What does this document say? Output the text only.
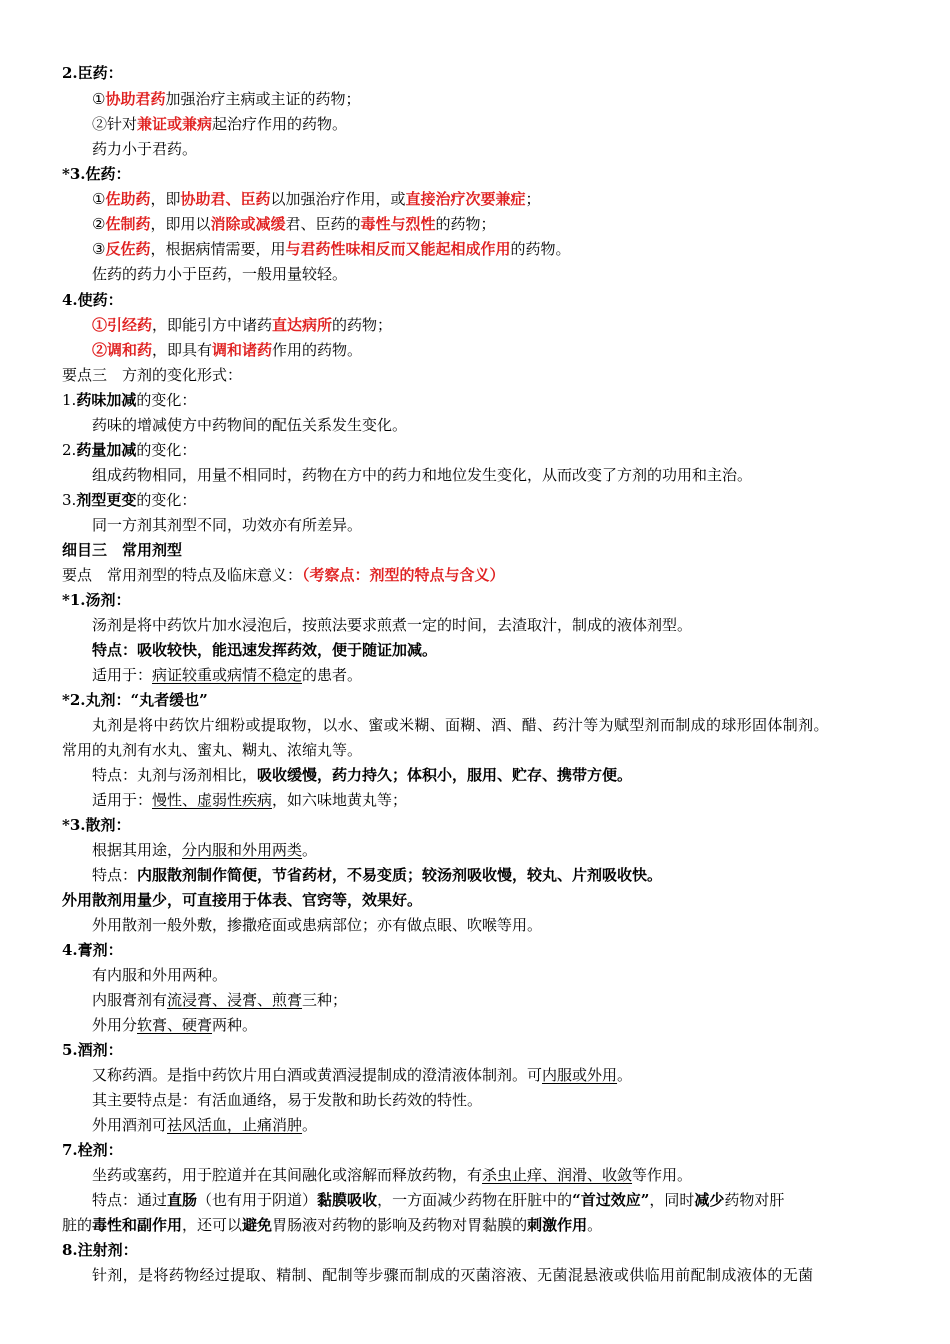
2.臣药：
①协助君药加强治疗主病或主证的药物；
②针对兼证或兼病起治疗作用的药物。
药力小于君药。
*3.佐药：
①佐助药，即协助君、臣药以加强治疗作用，或直接治疗次要兼症；
②佐制药，即用以消除或减缓君、臣药的毒性与烈性的药物；
③反佐药，根据病情需要，用与君药性味相反而又能起相成作用的药物。
佐药的药力小于臣药，一般用量较轻。
4.使药：
①引经药，即能引方中诸药直达病所的药物；
②调和药，即具有调和诸药作用的药物。
要点三　方剂的变化形式：
1.药味加减的变化：
药味的增减使方中药物间的配伍关系发生变化。
2.药量加减的变化：
组成药物相同，用量不相同时，药物在方中的药力和地位发生变化，从而改变了方剂的功用和主治。
3.剂型更变的变化：
同一方剂其剂型不同，功效亦有所差异。
细目三　常用剂型
要点　常用剂型的特点及临床意义：（考察点：剂型的特点与含义）
*1.汤剂：
汤剂是将中药饮片加水浸泡后，按煎法要求煎煮一定的时间，去渣取汁，制成的液体剂型。
特点：吸收较快，能迅速发挥药效，便于随证加减。
适用于：病证较重或病情不稳定的患者。
*2.丸剂：“丸者缓也”
丸剂是将中药饮片细粉或提取物，以水、蜜或米糊、面糊、酒、醋、药汁等为赋型剂而制成的球形固体制剂。
常用的丸剂有水丸、蜜丸、糊丸、浓缩丸等。
特点：丸剂与汤剂相比，吸收缓慢，药力持久；体积小，服用、贮存、携带方便。
适用于：慢性、虚弱性疾病，如六味地黄丸等；
*3.散剂：
根据其用途，分内服和外用两类。
特点：内服散剂制作简便，节省药材，不易变质；较汤剂吸收慢，较丸、片剂吸收快。
外用散剂用量少，可直接用于体表、官窍等，效果好。
外用散剂一般外敷，掺撒疮面或患病部位；亦有做点眼、吹喉等用。
4.膏剂：
有内服和外用两种。
内服膏剂有流浸膏、浸膏、煎膏三种；
外用分软膏、硬膏两种。
5.酒剂：
又称药酒。是指中药饮片用白酒或黄酒浸提制成的澄清液体制剂。可内服或外用。
其主要特点是：有活血通络，易于发散和助长药效的特性。
外用酒剂可祛风活血，止痛消肿。
7.栓剂：
坐药或塞药，用于腔道并在其间融化或溶解而释放药物，有杀虫止痒、润滑、收敛等作用。
特点：通过直肠（也有用于阴道）黏膜吸收，一方面减少药物在肝脏中的“首过效应”，同时减少药物对肝
脏的毒性和副作用，还可以避免胃肠液对药物的影响及药物对胃黏膜的刺激作用。
8.注射剂：
针剂，是将药物经过提取、精制、配制等步骤而制成的灭菌溶液、无菌混悬液或供临用前配制成液体的无菌
